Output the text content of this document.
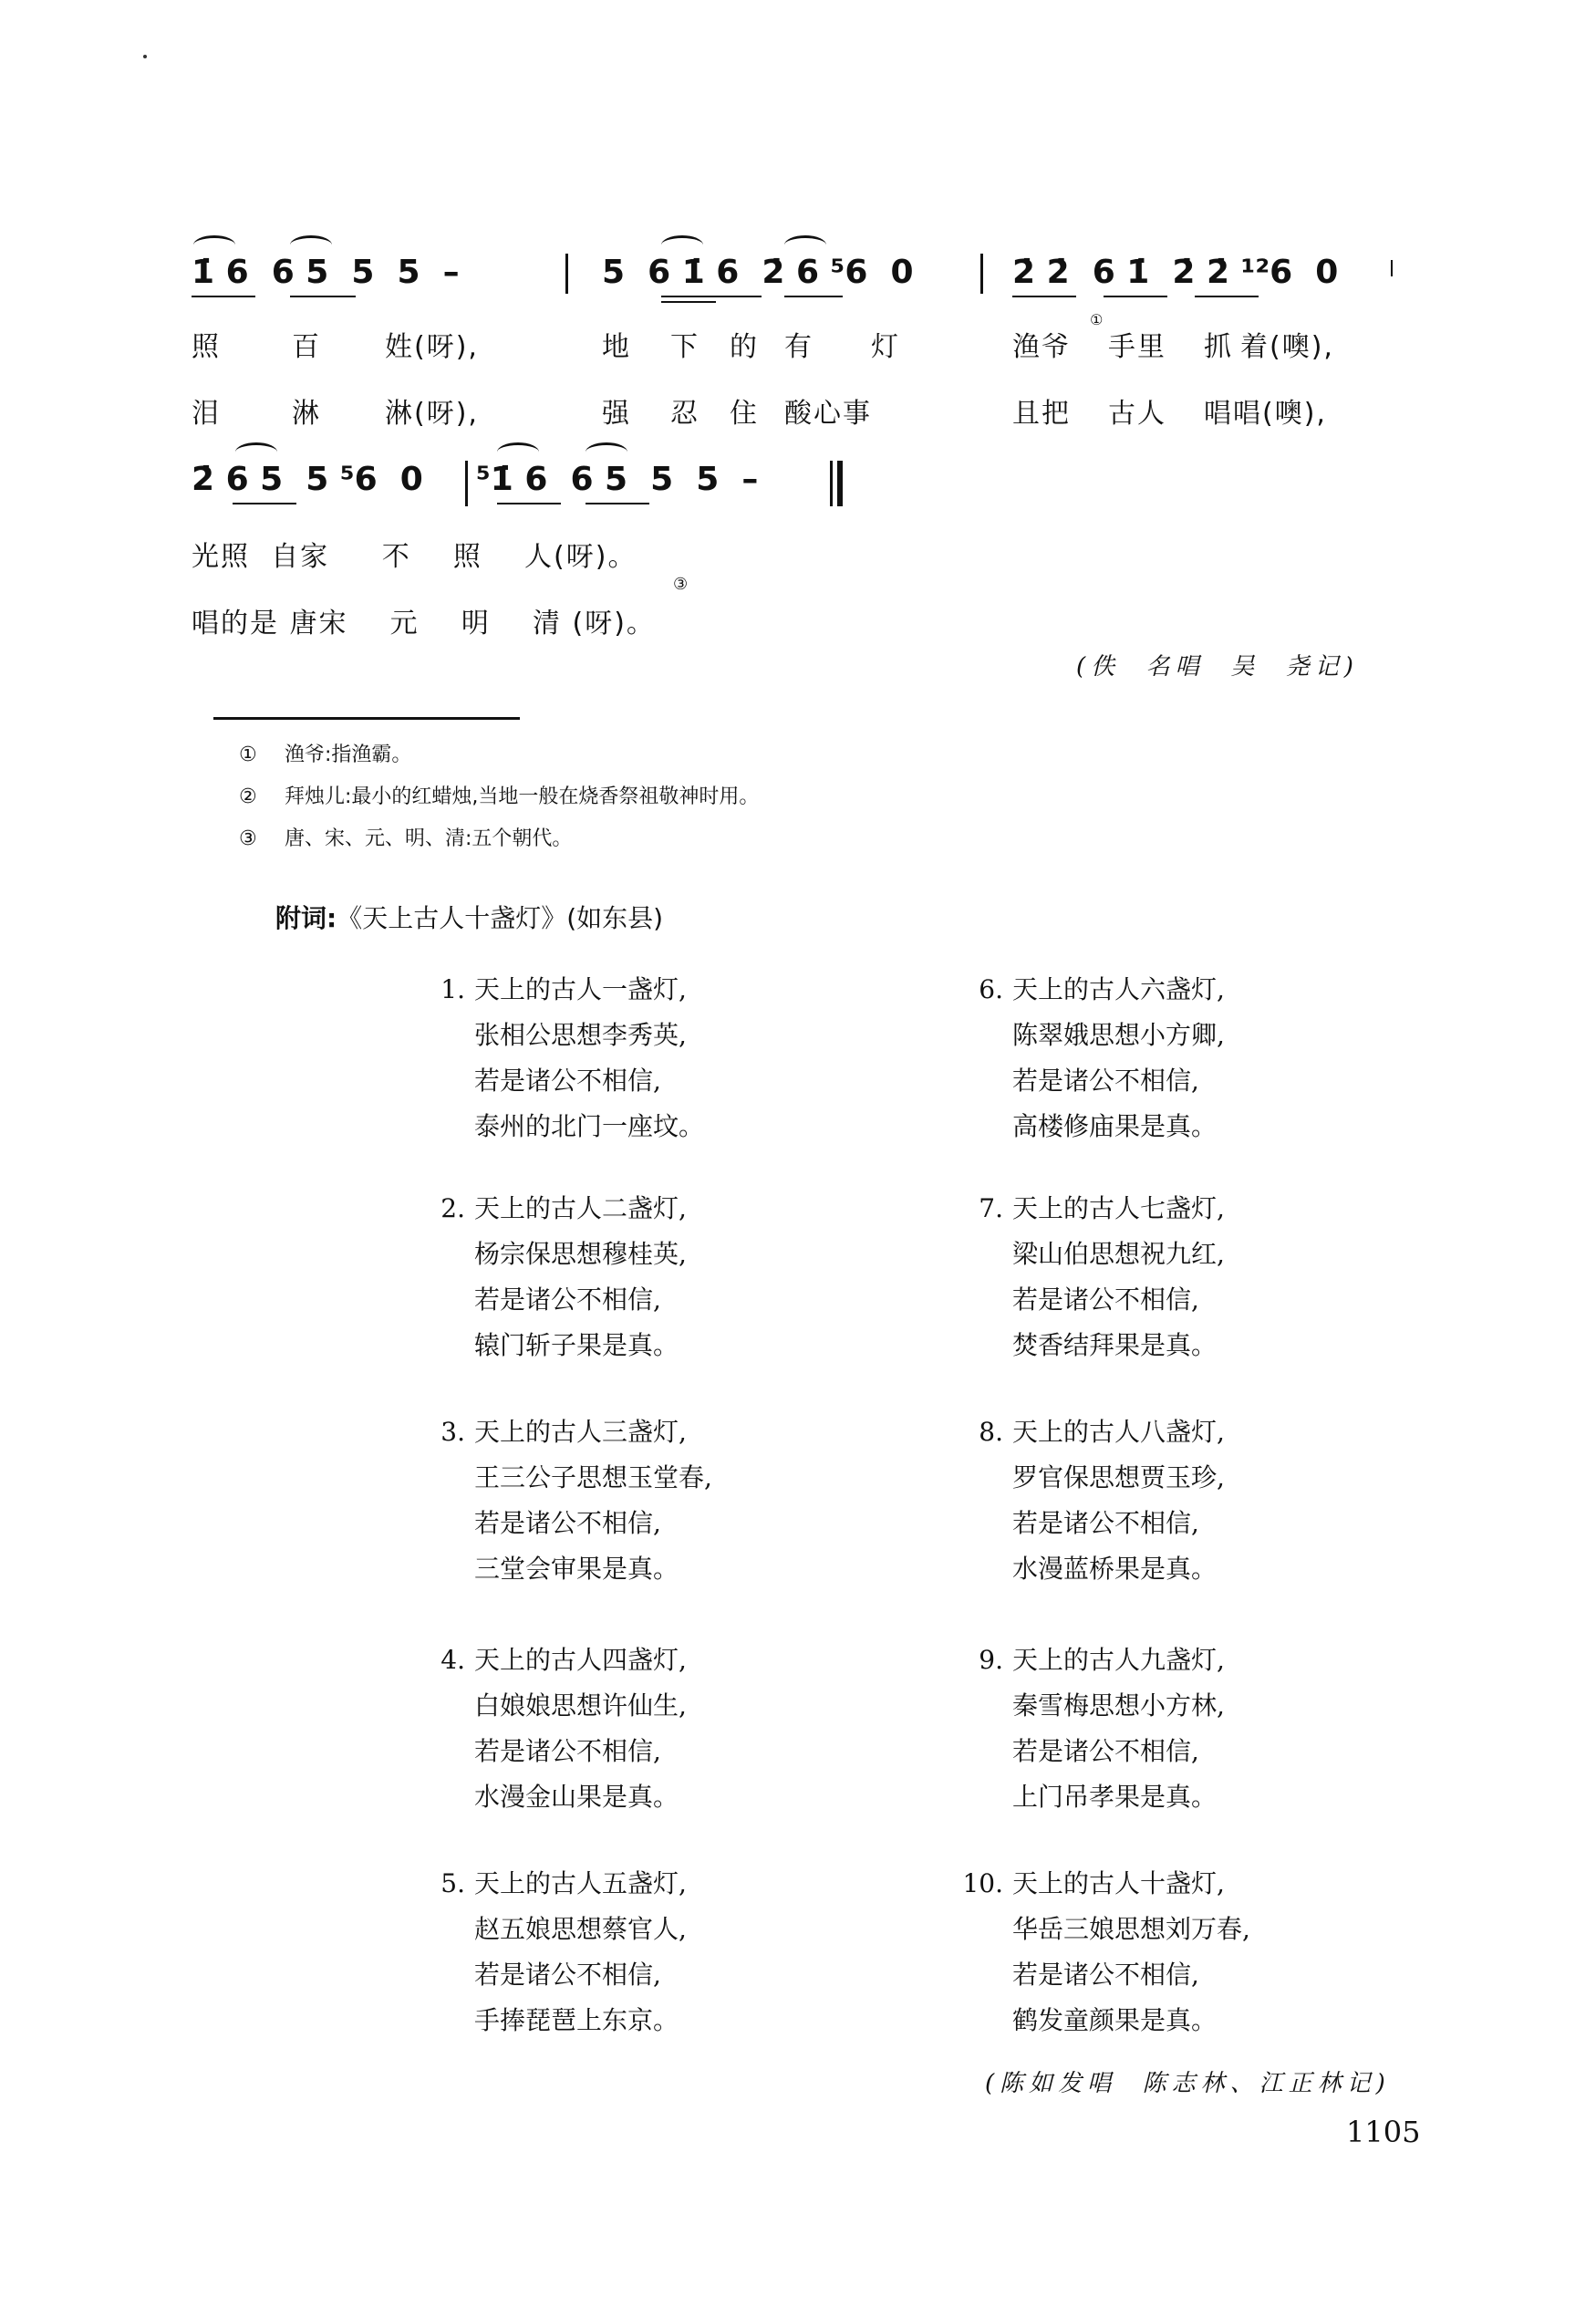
1̇ 6  6 5  5  5  –	5  6 1̇ 6  2̇ 6 ⁵6  0	2̇ 2̇  6 1̇  2̇ 2̇ ¹²6  0
照	百 姓(呀),	地 下 的 有 灯	渔爷
①
手里 抓 着(噢),
泪	淋 淋(呀),	强 忍 住 酸心事	且把 古人 唱唱(噢),
2̇ 6 5  5 ⁵6  0 ⁵1̇ 6  6 5  5  5  –
光照  自家     不    照    人(呀)。
③
唱的是 唐宋    元    明    清 (呀)。
(佚  名唱  吴  尧记)
① 渔爷:指渔霸。
② 拜烛儿:最小的红蜡烛,当地一般在烧香祭祖敬神时用。
③ 唐、宋、元、明、清:五个朝代。
附词:《天上古人十盏灯》(如东县)
1. 天上的古人一盏灯,
张相公思想李秀英,
若是诸公不相信,
泰州的北门一座坟。
2. 天上的古人二盏灯,
杨宗保思想穆桂英,
若是诸公不相信,
辕门斩子果是真。
3. 天上的古人三盏灯,
王三公子思想玉堂春,
若是诸公不相信,
三堂会审果是真。
4. 天上的古人四盏灯,
白娘娘思想许仙生,
若是诸公不相信,
水漫金山果是真。
5. 天上的古人五盏灯,
赵五娘思想蔡官人,
若是诸公不相信,
手捧琵琶上东京。
6. 天上的古人六盏灯,
陈翠娥思想小方卿,
若是诸公不相信,
高楼修庙果是真。
7. 天上的古人七盏灯,
梁山伯思想祝九红,
若是诸公不相信,
焚香结拜果是真。
8. 天上的古人八盏灯,
罗官保思想贾玉珍,
若是诸公不相信,
水漫蓝桥果是真。
9. 天上的古人九盏灯,
秦雪梅思想小方林,
若是诸公不相信,
上门吊孝果是真。
10. 天上的古人十盏灯,
华岳三娘思想刘万春,
若是诸公不相信,
鹤发童颜果是真。
(陈如发唱  陈志林、江正林记)
1105
